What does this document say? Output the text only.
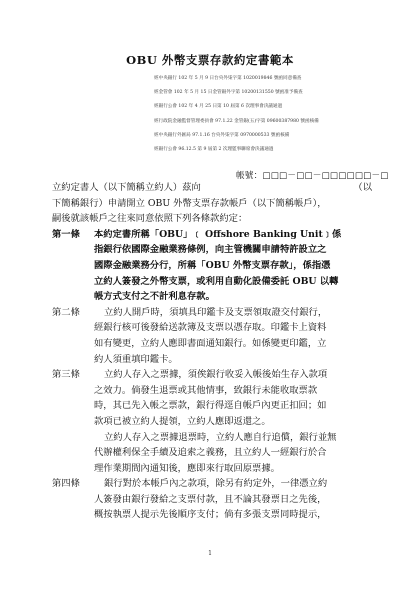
OBU 外幣支票存款約定書範本
經中央銀行 102 年 5 月 9 日台央外柒字第 1020019846 號函同意備查
經金管會 102 年 5 月 15 日金管銀外字第 10200131550 號函准予備查
經銀行公會 102 年 4 月 25 日第 10 屆第 6 次理事會決議通過
經行政院金融監督管理委員會 97.1.22 金管銀(五)字第 09600387980 號函核備
經中央銀行外匯局 97.1.16 台央外柒字第 0970000533 號函核備
經銀行公會 96.12.5 第 9 屆第 2 次理監事聯席會決議通過
帳號：□□□－□□－□□□□□□－□
立約定書人（以下簡稱立約人）茲向	（以
下簡稱銀行）申請開立 OBU 外幣支票存款帳戶（以下簡稱帳戶），
嗣後就該帳戶之往來同意依照下列各條款約定：
第一條	本約定書所稱「OBU」﹝ Offshore Banking Unit﹞係
指銀行依國際金融業務條例，向主管機關申請特許設立之
國際金融業務分行，所稱「OBU 外幣支票存款」，係指憑
立約人簽發之外幣支票，或利用自動化設備委託 OBU 以轉
帳方式支付之不計利息存款。
第二條	立約人開戶時，須填具印鑑卡及支票領取證交付銀行，
經銀行核可後發給送款簿及支票以憑存取。印鑑卡上資料
如有變更，立約人應即書面通知銀行。如係變更印鑑，立
約人須重填印鑑卡。
第三條	立約人存入之票據，須俟銀行收妥入帳後始生存入款項
之效力。倘發生退票或其他情事，致銀行未能收取票款
時，其已先入帳之票款，銀行得逕自帳戶內更正扣回；如
款項已被立約人提領，立約人應即返還之。
立約人存入之票據退票時，立約人應自行追償，銀行並無
代辦權利保全手續及追索之義務，且立約人一經銀行於合
理作業期間內通知後，應即來行取回原票據。
第四條	銀行對於本帳戶內之款項，除另有約定外，一律憑立約
人簽發由銀行發給之支票付款，且不論其發票日之先後，
概按執票人提示先後順序支付；倘有多張支票同時提示，
1
